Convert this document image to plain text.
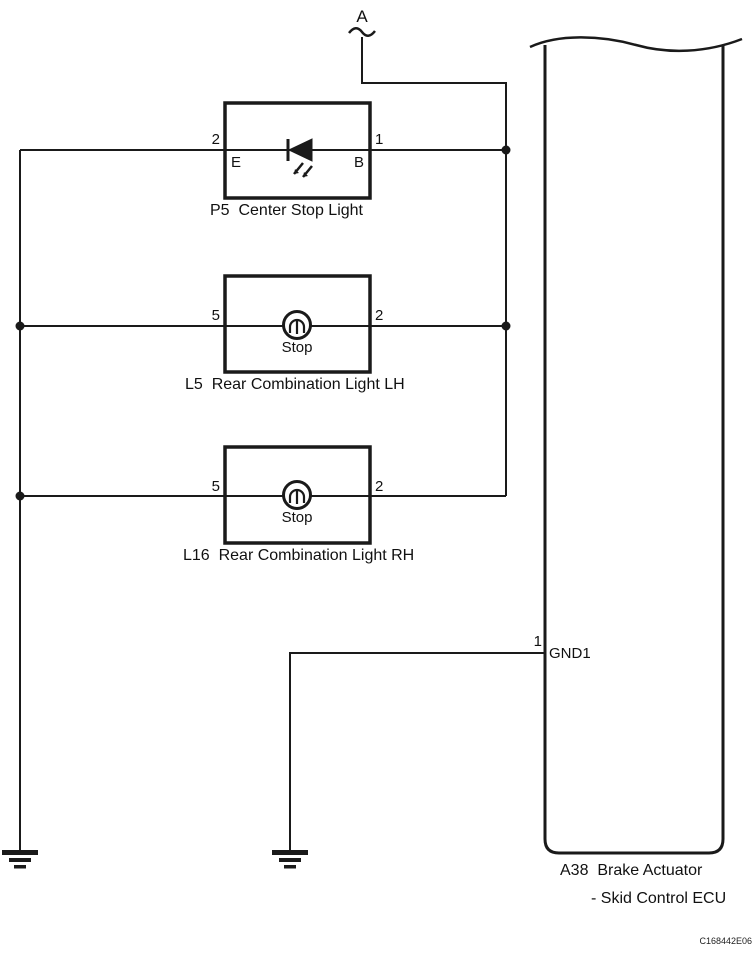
A
2	1
E	B
P5  Center Stop Light
5	2
Stop
L5  Rear Combination Light LH
5	2
Stop
L16  Rear Combination Light RH
1
GND1
A38  Brake Actuator
- Skid Control ECU
C168442E06
